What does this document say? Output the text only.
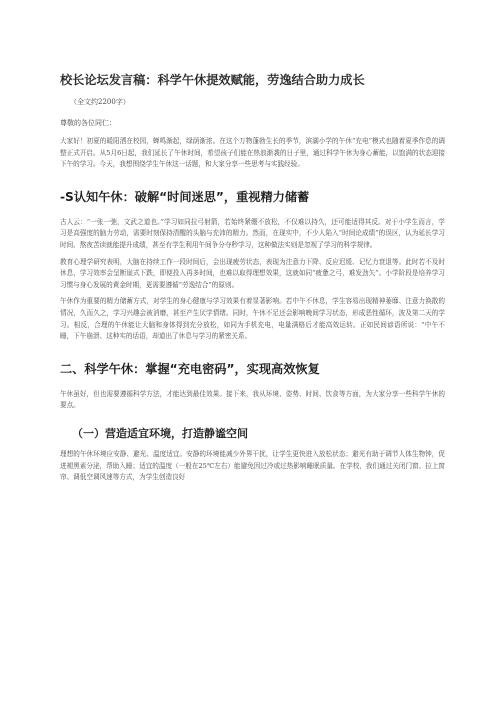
校长论坛发言稿：科学午休提效赋能，劳逸结合助力成长
（全文约2200字）
尊敬的各位同仁：
大家好！初夏的暖阳洒在校园，蝉鸣渐起，绿荫渐浓。在这个万物蓬勃生长的季节，滨湖小学的午休“充电”模式也随着夏季作息的调整正式开启。从5月6日起，我们延长了午休时间，希望孩子们能在热浪渐袭的日子里，通过科学午休为身心蓄能，以饱满的状态迎接下午的学习。今天，我想围绕学生午休这一话题，和大家分享一些思考与实践经验。
-S认知午休：破解“时间迷思”，重视精力储蓄
古人云：“一张一弛，文武之道也。”学习如同拉弓射箭，若始终紧绷不放松，不仅难以持久，还可能适得其反。对于小学生而言，学习是高强度的脑力劳动，需要时刻保持清醒的头脑与充沛的精力。然而，在现实中，不少人陷入“时间论成绩”的误区，认为延长学习时间、熬夜苦读就能提升成绩，甚至有学生利用午间争分夺秒学习，这种做法实则是忽视了学习的科学规律。
教育心理学研究表明，大脑在持续工作一段时间后，会出现疲劳状态，表现为注意力下降、反应迟缓、记忆力衰退等。此时若不及时休息，学习效率会呈断崖式下跌，即便投入再多时间，也难以取得理想效果，这就如同“疲惫之弓，难发劲矢”。小学阶段是培养学习习惯与身心发展的黄金时期，更需要遵循“劳逸结合”的原则。
午休作为重要的精力储蓄方式，对学生的身心健康与学习效果有着显著影响。若中午不休息，学生容易出现精神萎靡、注意力涣散的情况，久而久之，学习兴趣会被消磨，甚至产生厌学情绪。同时，午休不足还会影响晚间学习状态，形成恶性循环，波及第二天的学习。相反，合理的午休能让大脑和身体得到充分放松，如同为手机充电，电量满格后才能高效运转。正如民间谚语所说：“中午不睡，下午崩溃、这种实的话语，却道出了休息与学习的紧密关系。
二、科学午休：掌握“充电密码”，实现高效恢复
午休虽好，但也需要遵循科学方法，才能达到最佳效果。接下来，我从环境、姿势、时间、饮食等方面，为大家分享一些科学午休的要点。
（一）营造适宜环境，打造静谧空间
理想的午休环境应安静、避光、温度适宜。安静的环境能减少外界干扰，让学生更快进入放松状态；避光有助于调节人体生物钟，促进褪黑素分泌，帮助入睡；适宜的温度（一般在25℃左右）能避免因过冷或过热影响睡眠质量。在学校，我们通过关闭门窗、拉上窗帘、调低空调风速等方式，为学生创造良好
